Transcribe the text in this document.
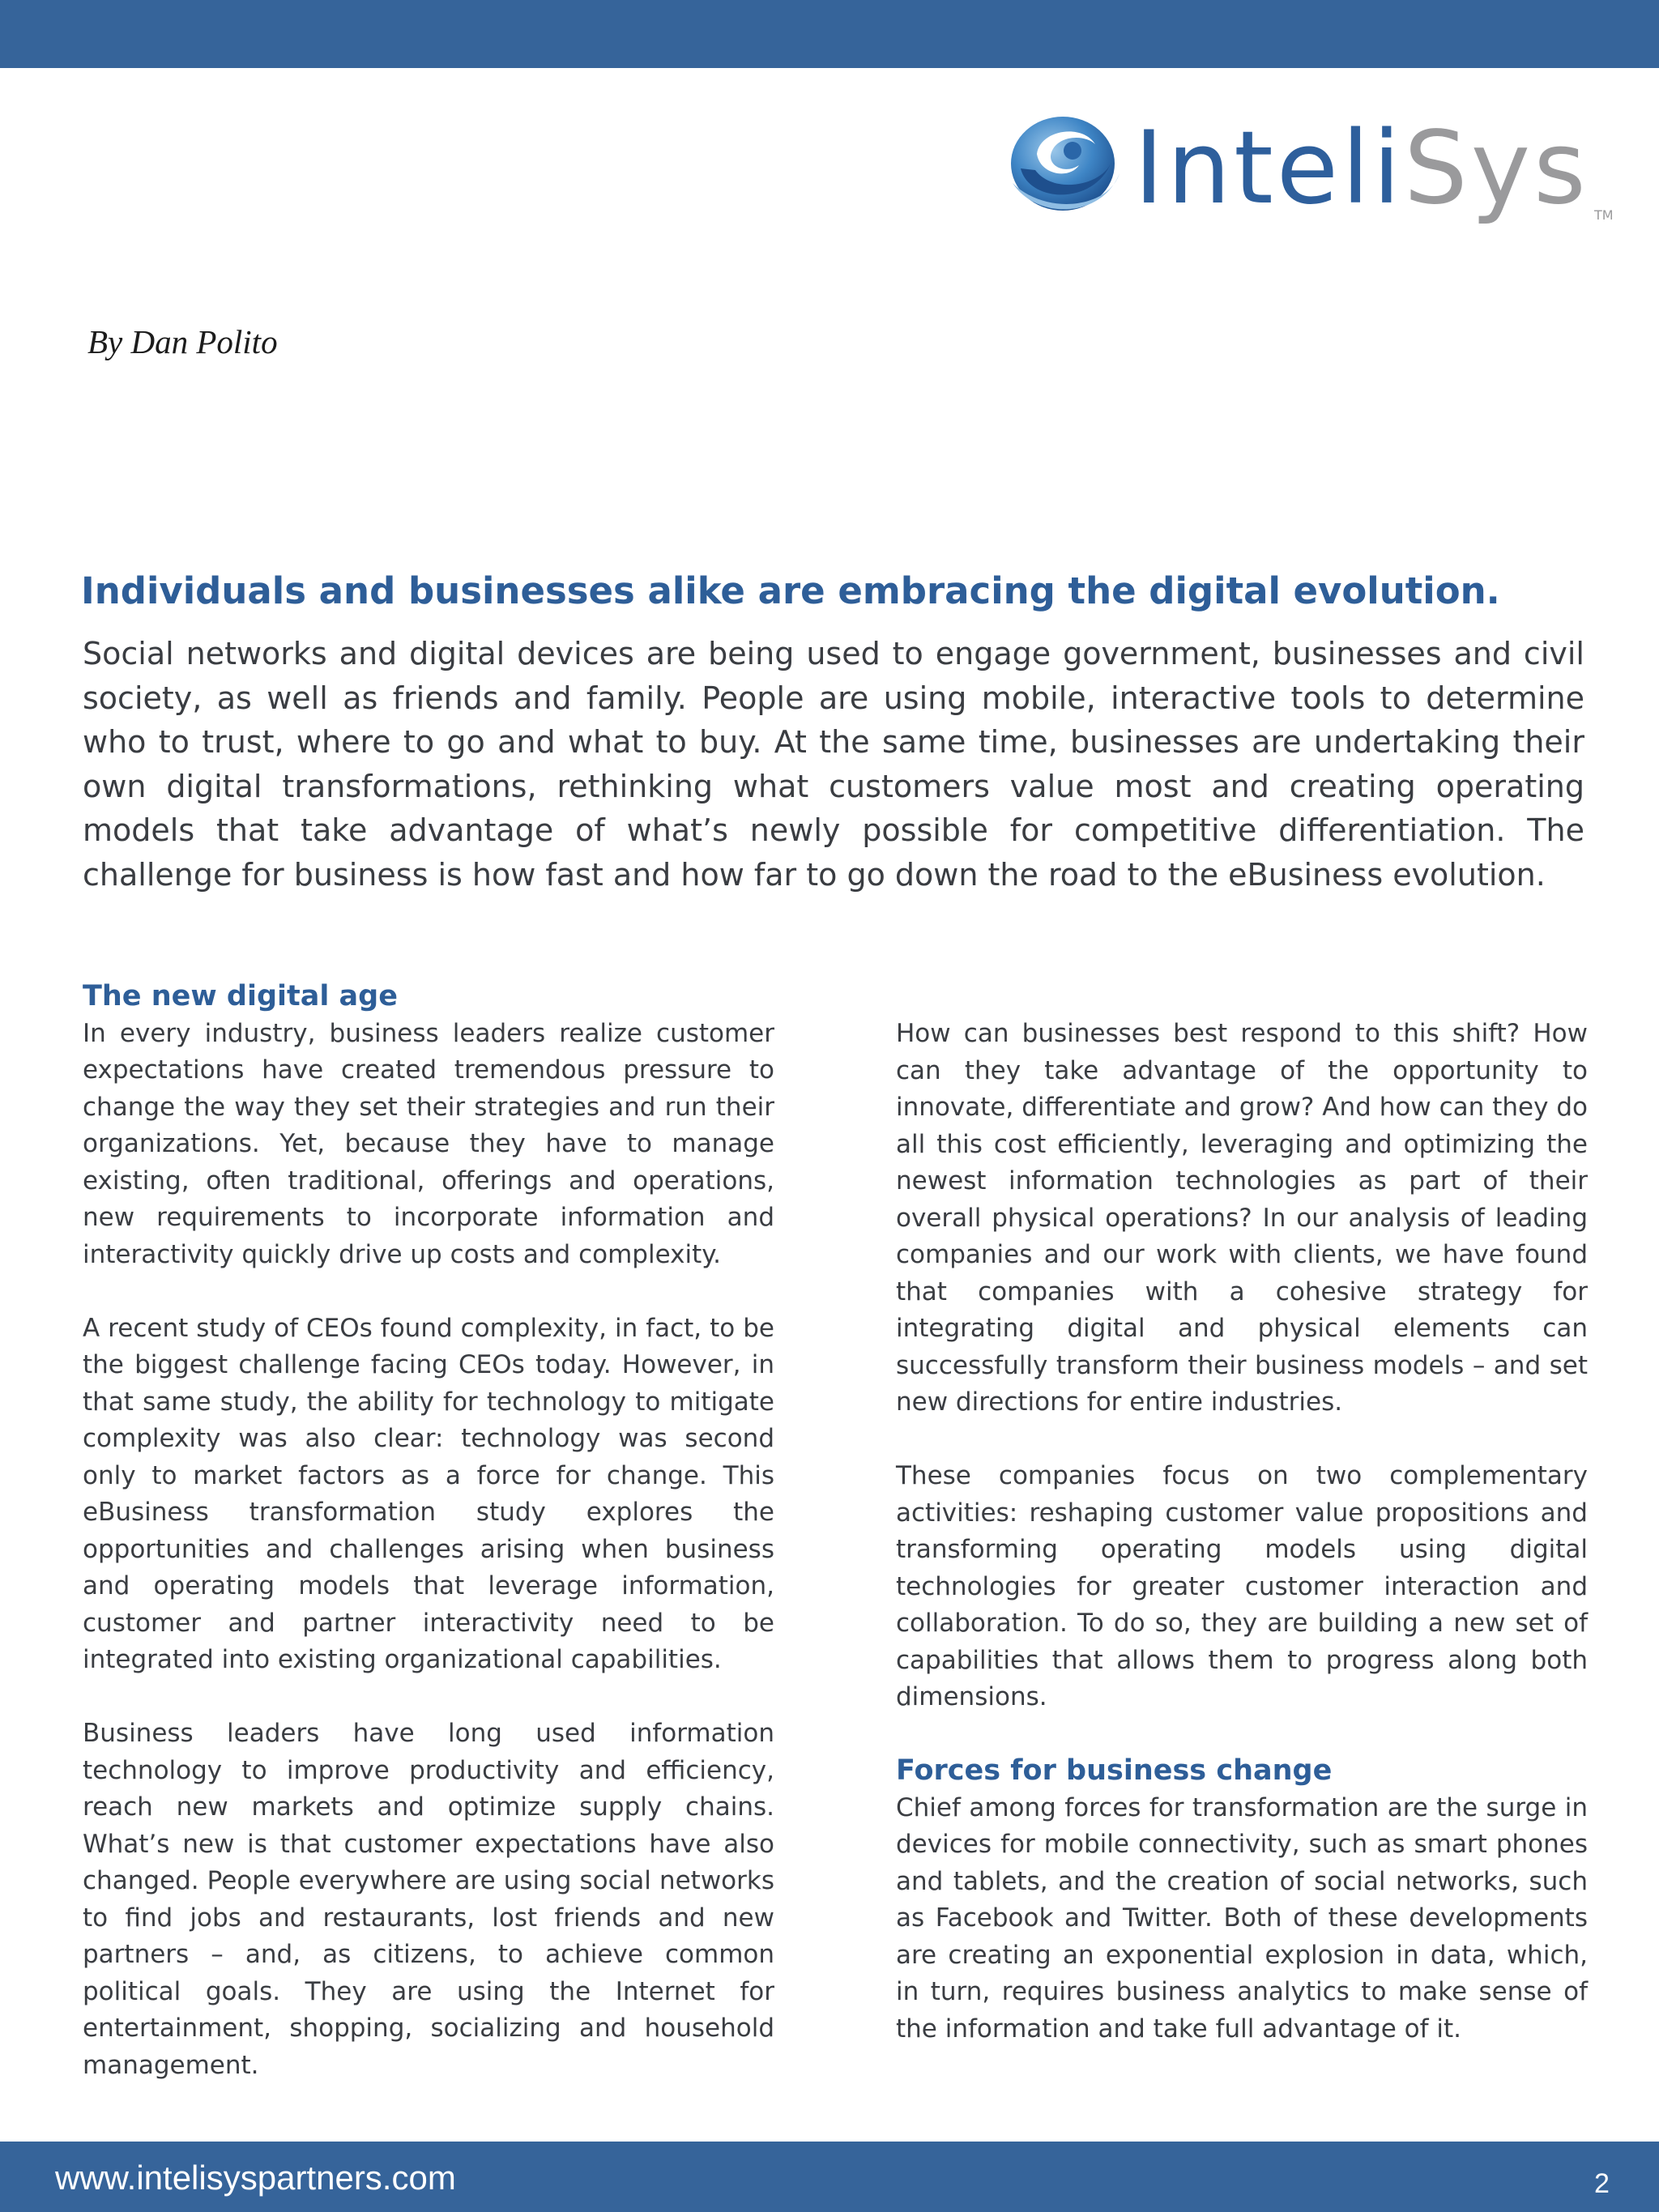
InteliSys TM
By Dan Polito
Individuals and businesses alike are embracing the digital evolution.

Social networks and digital devices are being used to engage government, businesses and civil society, as well as friends and family. People are using mobile, interactive tools to determine who to trust, where to go and what to buy. At the same time, businesses are undertaking their own digital transformations, rethinking what customers value most and creating operating models that take advantage of what’s newly possible for competitive differentiation. The challenge for business is how fast and how far to go down the road to the eBusiness evolution.

The new digital age

In every industry, business leaders realize customer expectations have created tremendous pressure to change the way they set their strategies and run their organizations. Yet, because they have to manage existing, often traditional, offerings and operations, new requirements to incorporate information and interactivity quickly drive up costs and complexity.

A recent study of CEOs found complexity, in fact, to be the biggest challenge facing CEOs today. However, in that same study, the ability for technology to mitigate complexity was also clear: technology was second only to market factors as a force for change. This eBusiness transformation study explores the opportunities and challenges arising when business and operating models that leverage information, customer and partner interactivity need to be integrated into existing organizational capabilities.

Business leaders have long used information technology to improve productivity and efficiency, reach new markets and optimize supply chains. What’s new is that customer expectations have also changed. People everywhere are using social networks to find jobs and restaurants, lost friends and new partners – and, as citizens, to achieve common political goals. They are using the Internet for entertainment, shopping, socializing and household management.

How can businesses best respond to this shift? How can they take advantage of the opportunity to innovate, differentiate and grow? And how can they do all this cost efficiently, leveraging and optimizing the newest information technologies as part of their overall physical operations? In our analysis of leading companies and our work with clients, we have found that companies with a cohesive strategy for integrating digital and physical elements can successfully transform their business models – and set new directions for entire industries.

These companies focus on two complementary activities: reshaping customer value propositions and transforming operating models using digital technologies for greater customer interaction and collaboration. To do so, they are building a new set of capabilities that allows them to progress along both dimensions.

Forces for business change

Chief among forces for transformation are the surge in devices for mobile connectivity, such as smart phones and tablets, and the creation of social networks, such as Facebook and Twitter. Both of these developments are creating an exponential explosion in data, which, in turn, requires business analytics to make sense of the information and take full advantage of it.

www.intelisyspartners.com	2
